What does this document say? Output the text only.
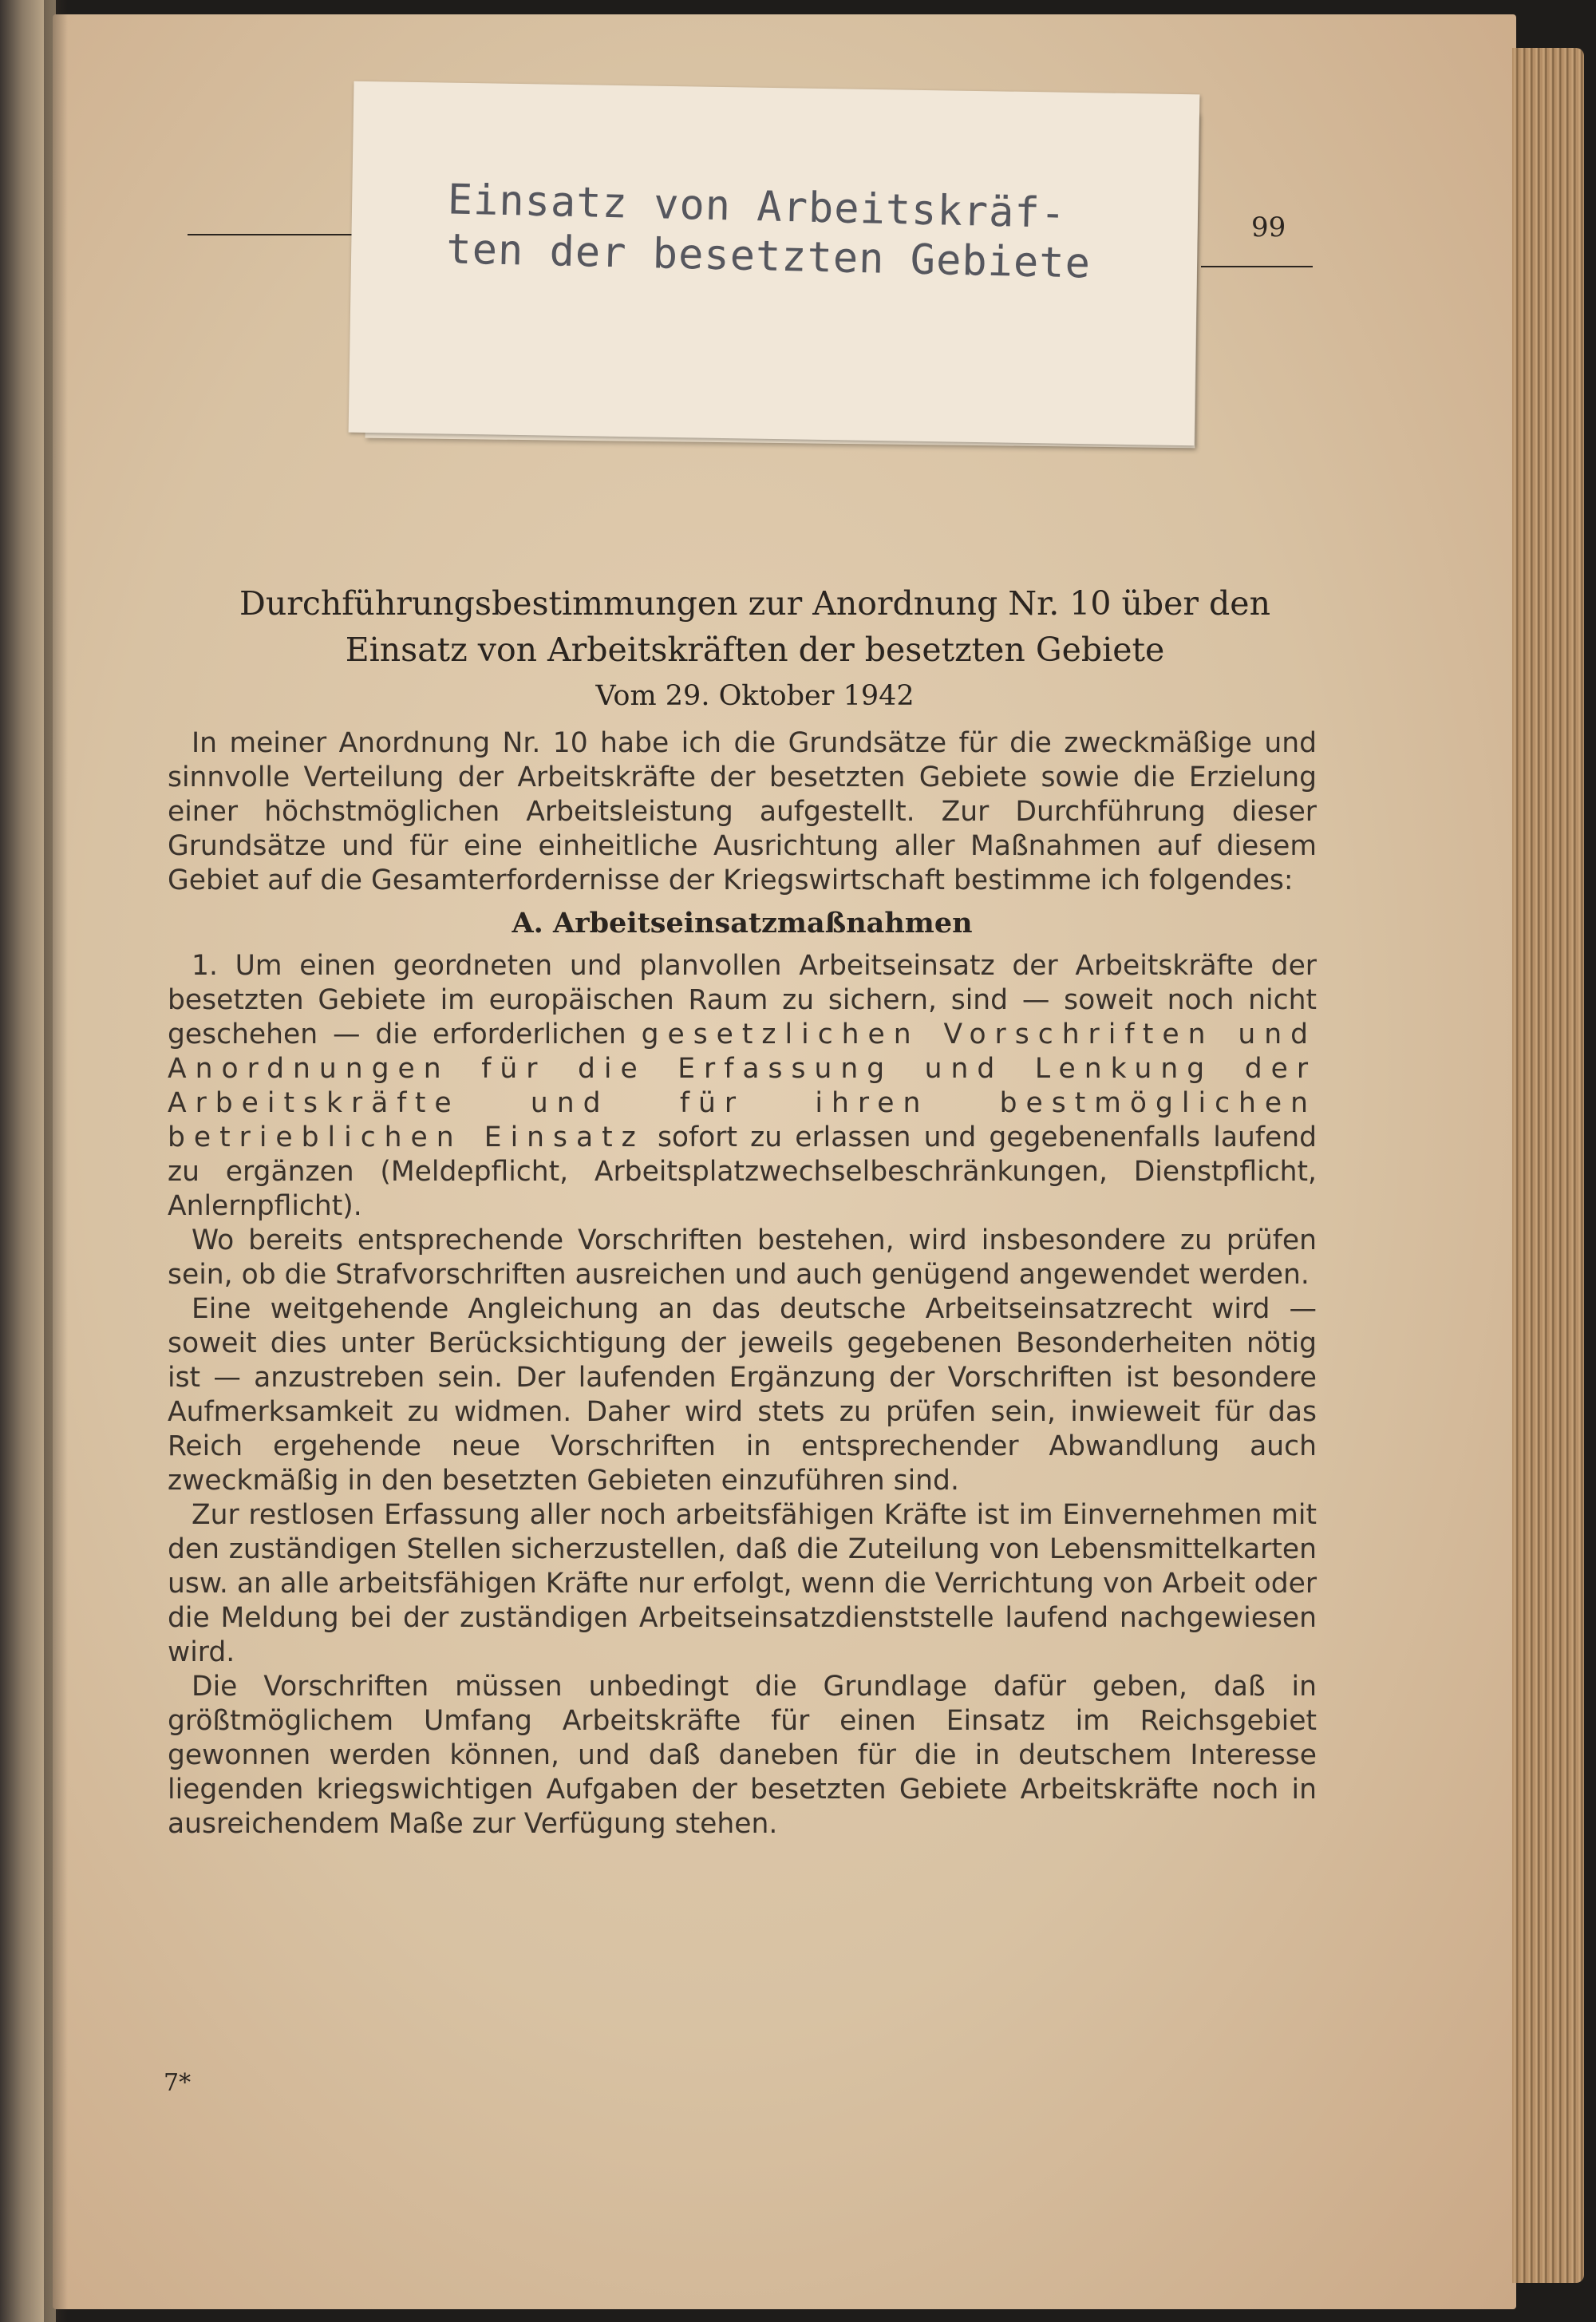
99
Einsatz von Arbeitskräf-
ten der besetzten Gebiete
Durchführungsbestimmungen zur Anordnung Nr. 10 über den
Einsatz von Arbeitskräften der besetzten Gebiete
Vom 29. Oktober 1942

In meiner Anordnung Nr. 10 habe ich die Grundsätze für die zweckmäßige und sinnvolle Verteilung der Arbeitskräfte der besetzten Gebiete sowie die Erzielung einer höchstmöglichen Arbeitsleistung aufgestellt. Zur Durchführung dieser Grundsätze und für eine einheitliche Ausrichtung aller Maßnahmen auf diesem Gebiet auf die Gesamterfordernisse der Kriegswirtschaft bestimme ich folgendes:

A. Arbeitseinsatzmaßnahmen

1. Um einen geordneten und planvollen Arbeitseinsatz der Arbeitskräfte der besetzten Gebiete im europäischen Raum zu sichern, sind — soweit noch nicht geschehen — die erforderlichen gesetzlichen Vorschriften und Anordnungen für die Erfassung und Lenkung der Arbeitskräfte und für ihren bestmöglichen betrieblichen Einsatz sofort zu erlassen und gegebenenfalls laufend zu ergänzen (Meldepflicht, Arbeitsplatzwechselbeschränkungen, Dienstpflicht, Anlernpflicht).

Wo bereits entsprechende Vorschriften bestehen, wird insbesondere zu prüfen sein, ob die Strafvorschriften ausreichen und auch genügend angewendet werden.

Eine weitgehende Angleichung an das deutsche Arbeitseinsatzrecht wird — soweit dies unter Berücksichtigung der jeweils gegebenen Besonderheiten nötig ist — anzustreben sein. Der laufenden Ergänzung der Vorschriften ist besondere Aufmerksamkeit zu widmen. Daher wird stets zu prüfen sein, inwieweit für das Reich ergehende neue Vorschriften in entsprechender Abwandlung auch zweckmäßig in den besetzten Gebieten einzuführen sind.

Zur restlosen Erfassung aller noch arbeitsfähigen Kräfte ist im Einvernehmen mit den zuständigen Stellen sicherzustellen, daß die Zuteilung von Lebensmittelkarten usw. an alle arbeitsfähigen Kräfte nur erfolgt, wenn die Verrichtung von Arbeit oder die Meldung bei der zuständigen Arbeitseinsatzdienststelle laufend nachgewiesen wird.

Die Vorschriften müssen unbedingt die Grundlage dafür geben, daß in größtmöglichem Umfang Arbeitskräfte für einen Einsatz im Reichsgebiet gewonnen werden können, und daß daneben für die in deutschem Interesse liegenden kriegswichtigen Aufgaben der besetzten Gebiete Arbeitskräfte noch in ausreichendem Maße zur Verfügung stehen.

7*
